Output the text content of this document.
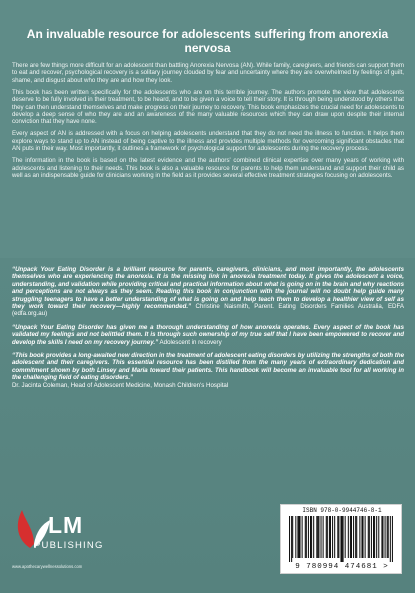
An invaluable resource for adolescents suffering from anorexia nervosa

There are few things more difficult for an adolescent than battling Anorexia Nervosa (AN). While family, caregivers, and friends can support them to eat and recover, psychological recovery is a solitary journey clouded by fear and uncertainty where they are overwhelmed by feelings of guilt, shame, and disgust about who they are and how they look.

This book has been written specifically for the adolescents who are on this terrible journey. The authors promote the view that adolescents deserve to be fully involved in their treatment, to be heard, and to be given a voice to tell their story. It is through being understood by others that they can then understand themselves and make progress on their journey to recovery. This book emphasizes the crucial need for adolescents to develop a deep sense of who they are and an awareness of the many valuable resources which they can draw upon despite their internal conviction that they have none.

Every aspect of AN is addressed with a focus on helping adolescents understand that they do not need the illness to function. It helps them explore ways to stand up to AN instead of being captive to the illness and provides multiple methods for overcoming significant obstacles that AN puts in their way. Most importantly, it outlines a framework of psychological support for adolescents during the recovery process.

The information in the book is based on the latest evidence and the authors' combined clinical expertise over many years of working with adolescents and listening to their needs. This book is also a valuable resource for parents to help them understand and support their child as well as an indispensable guide for clinicians working in the field as it provides several effective treatment strategies focusing on adolescents.

“Unpack Your Eating Disorder is a brilliant resource for parents, caregivers, clinicians, and most importantly, the adolescents themselves who are experiencing the anorexia. It is the missing link in anorexia treatment today. It gives the adolescent a voice, understanding, and validation while providing critical and practical information about what is going on in the brain and why reactions and perceptions are not always as they seem. Reading this book in conjunction with the journal will no doubt help guide many struggling teenagers to have a better understanding of what is going on and help teach them to develop a healthier view of self as they work toward their recovery—highly recommended.” Christine Naismith, Parent. Eating Disorders Families Australia, EDFA (edfa.org.au)
“Unpack Your Eating Disorder has given me a thorough understanding of how anorexia operates. Every aspect of the book has validated my feelings and not belittled them. It is through such ownership of my true self that I have been empowered to recover and develop the skills I need on my recovery journey.” Adolescent in recovery
“This book provides a long-awaited new direction in the treatment of adolescent eating disorders by utilizing the strengths of both the adolescent and their caregivers. This essential resource has been distilled from the many years of extraordinary dedication and commitment shown by both Linsey and Maria toward their patients. This handbook will become an invaluable tool for all working in the challenging field of eating disorders.”
Dr. Jacinta Coleman, Head of Adolescent Medicine, Monash Children's Hospital
LM
PUBLISHING
www.apothecarywellnessolutions.com
ISBN 978-0-9944746-8-1
9 780994 474681 >
